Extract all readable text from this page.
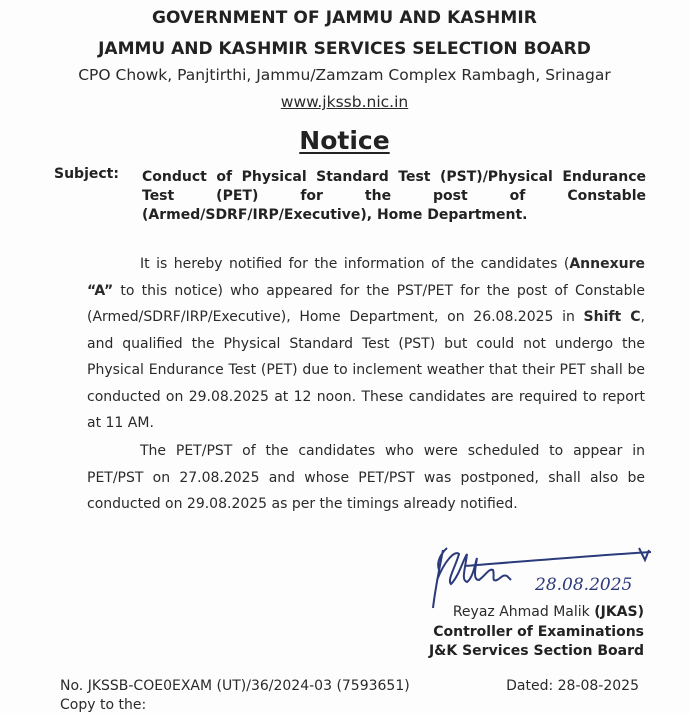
GOVERNMENT OF JAMMU AND KASHMIR
JAMMU AND KASHMIR SERVICES SELECTION BOARD
CPO Chowk, Panjtirthi, Jammu/Zamzam Complex Rambagh, Srinagar
www.jkssb.nic.in
Notice
Subject: Conduct of Physical Standard Test (PST)/Physical Endurance Test (PET) for the post of Constable (Armed/SDRF/IRP/Executive), Home Department.
It is hereby notified for the information of the candidates (Annexure “A” to this notice) who appeared for the PST/PET for the post of Constable (Armed/SDRF/IRP/Executive), Home Department, on 26.08.2025 in Shift C, and qualified the Physical Standard Test (PST) but could not undergo the Physical Endurance Test (PET) due to inclement weather that their PET shall be conducted on 29.08.2025 at 12 noon. These candidates are required to report at 11 AM.
The PET/PST of the candidates who were scheduled to appear in PET/PST on 27.08.2025 and whose PET/PST was postponed, shall also be conducted on 29.08.2025 as per the timings already notified.
28.08.2025
Reyaz Ahmad Malik (JKAS)
Controller of Examinations
J&K Services Section Board
No. JKSSB-COE0EXAM (UT)/36/2024-03 (7593651)	Dated: 28-08-2025
Copy to the:
